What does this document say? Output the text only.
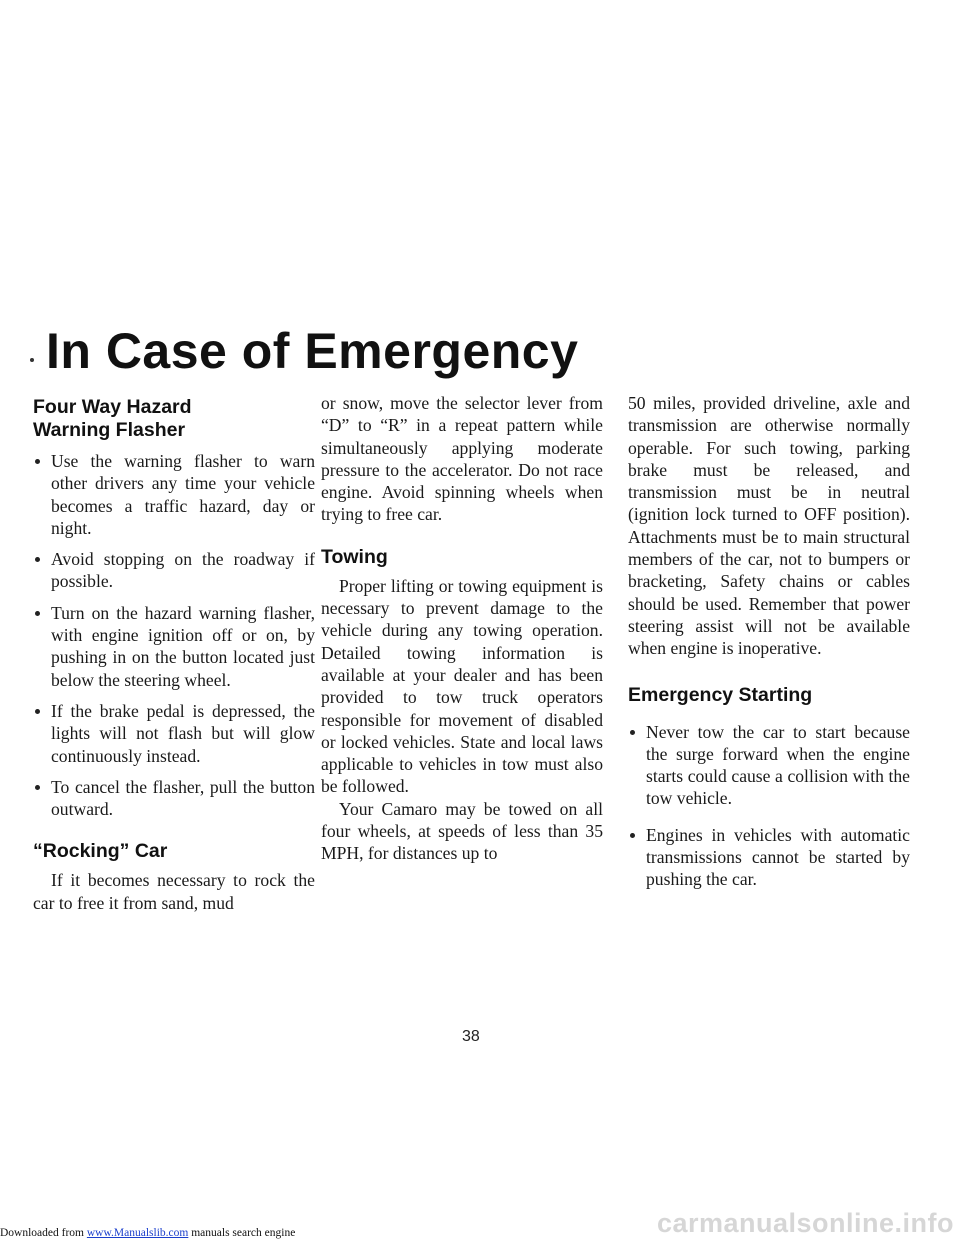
In Case of Emergency
Four Way Hazard
Warning Flasher
Use the warning flasher to warn other drivers any time your vehicle becomes a traffic hazard, day or night.
Avoid stopping on the roadway if possible.
Turn on the hazard warning flasher, with engine ignition off or on, by pushing in on the button located just below the steering wheel.
If the brake pedal is depressed, the lights will not flash but will glow continuously instead.
To cancel the flasher, pull the button outward.
“Rocking” Car

If it becomes necessary to rock the car to free it from sand, mud

or snow, move the selector lever from “D” to “R” in a repeat pattern while simultaneously applying moderate pressure to the accelerator. Do not race engine. Avoid spinning wheels when trying to free car.

Towing

Proper lifting or towing equipment is necessary to prevent damage to the vehicle during any towing operation. Detailed towing information is available at your dealer and has been provided to tow truck operators responsible for movement of disabled or locked vehicles. State and local laws applicable to vehicles in tow must also be followed.

Your Camaro may be towed on all four wheels, at speeds of less than 35 MPH, for distances up to

50 miles, provided driveline, axle and transmission are otherwise normally operable. For such towing, parking brake must be released, and transmission must be in neutral (ignition lock turned to OFF position). Attachments must be to main structural members of the car, not to bumpers or bracketing, Safety chains or cables should be used. Remember that power steering assist will not be available when engine is inoperative.

Emergency Starting
Never tow the car to start because the surge forward when the engine starts could cause a collision with the tow vehicle.
Engines in vehicles with automatic transmissions cannot be started by pushing the car.
38
carmanualsonline.info
Downloaded from www.Manualslib.com manuals search engine
